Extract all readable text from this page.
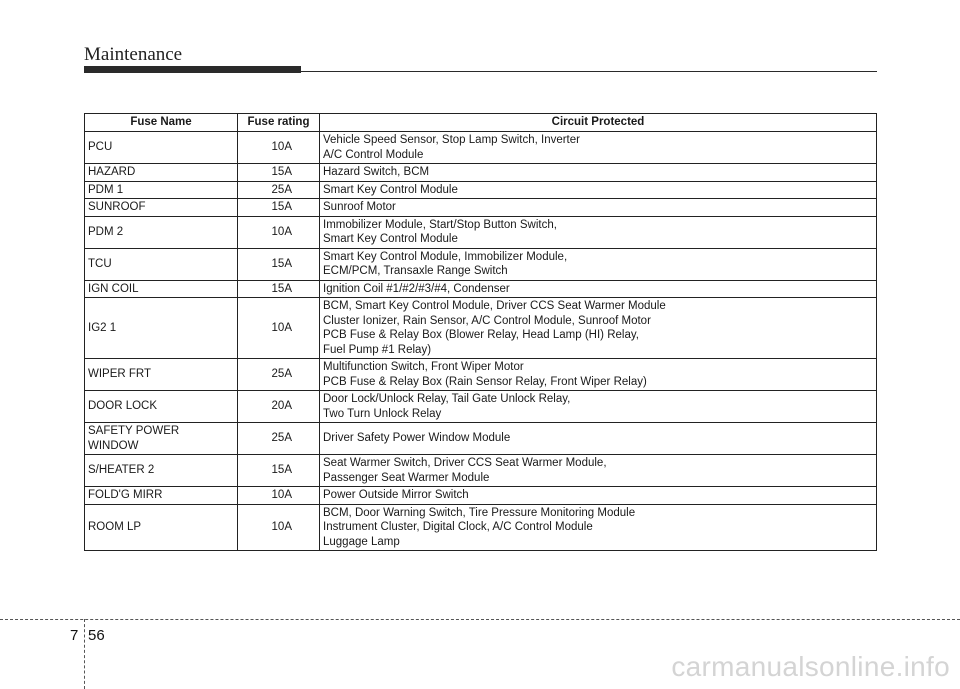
Maintenance
Fuse Name	Fuse rating	Circuit Protected

PCU	10A	Vehicle Speed Sensor, Stop Lamp Switch, Inverter
A/C Control Module

HAZARD	15A	Hazard Switch, BCM

PDM 1	25A	Smart Key Control Module

SUNROOF	15A	Sunroof Motor

PDM 2	10A	Immobilizer Module, Start/Stop Button Switch,
Smart Key Control Module

TCU	15A	Smart Key Control Module, Immobilizer Module,
ECM/PCM, Transaxle Range Switch

IGN COIL	15A	Ignition Coil #1/#2/#3/#4, Condenser

IG2 1	10A	BCM, Smart Key Control Module, Driver CCS Seat Warmer Module
Cluster Ionizer, Rain Sensor, A/C Control Module, Sunroof Motor
PCB Fuse & Relay Box (Blower Relay, Head Lamp (HI) Relay,
Fuel Pump #1 Relay)

WIPER FRT	25A	Multifunction Switch, Front Wiper Motor
PCB Fuse & Relay Box (Rain Sensor Relay, Front Wiper Relay)

DOOR LOCK	20A	Door Lock/Unlock Relay, Tail Gate Unlock Relay,
Two Turn Unlock Relay

SAFETY POWER
WINDOW	25A	Driver Safety Power Window Module

S/HEATER 2	15A	Seat Warmer Switch, Driver CCS Seat Warmer Module,
Passenger Seat Warmer Module

FOLD'G MIRR	10A	Power Outside Mirror Switch

ROOM LP	10A	BCM, Door Warning Switch, Tire Pressure Monitoring Module
Instrument Cluster, Digital Clock, A/C Control Module
Luggage Lamp
7 56
carmanualsonline.info
